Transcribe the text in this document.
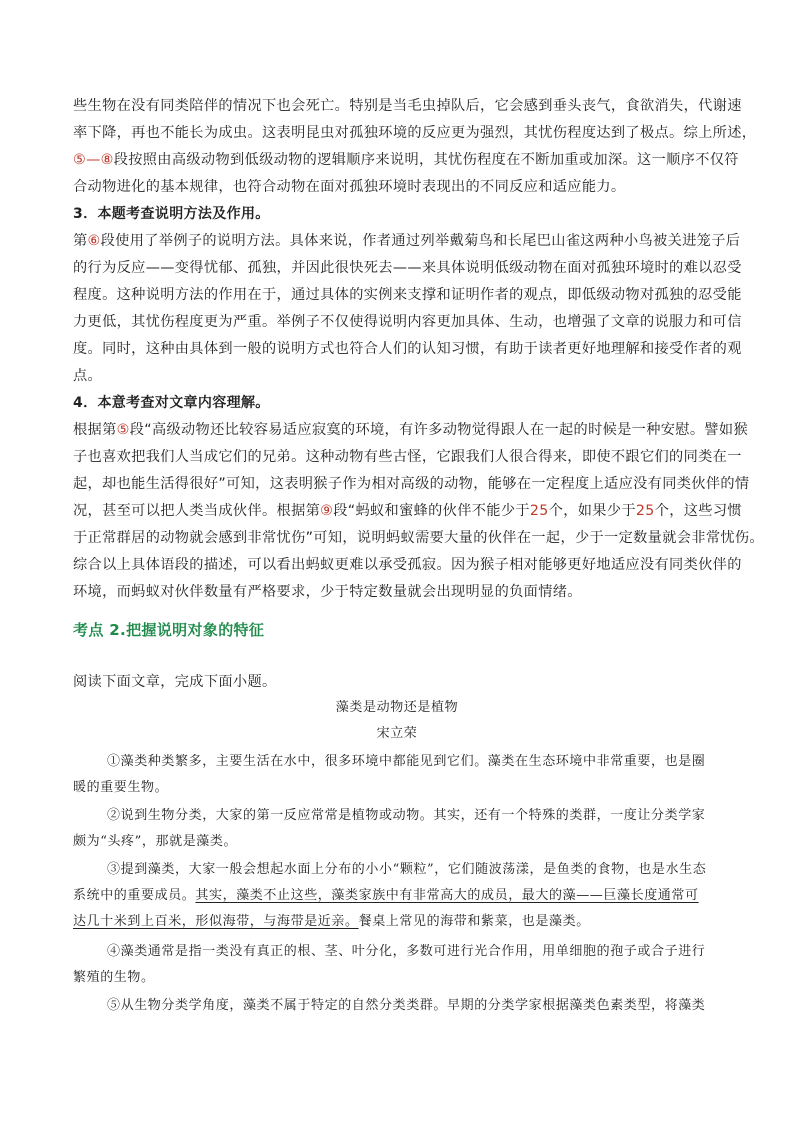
些生物在没有同类陪伴的情况下也会死亡。特别是当毛虫掉队后，它会感到垂头丧气，食欲消失，代谢速
率下降，再也不能长为成虫。这表明昆虫对孤独环境的反应更为强烈，其忧伤程度达到了极点。综上所述，
⑤—⑧段按照由高级动物到低级动物的逻辑顺序来说明，其忧伤程度在不断加重或加深。这一顺序不仅符
合动物进化的基本规律，也符合动物在面对孤独环境时表现出的不同反应和适应能力。
3．本题考查说明方法及作用。
第⑥段使用了举例子的说明方法。具体来说，作者通过列举戴菊鸟和长尾巴山雀这两种小鸟被关进笼子后
的行为反应——变得忧郁、孤独，并因此很快死去——来具体说明低级动物在面对孤独环境时的难以忍受
程度。这种说明方法的作用在于，通过具体的实例来支撑和证明作者的观点，即低级动物对孤独的忍受能
力更低，其忧伤程度更为严重。举例子不仅使得说明内容更加具体、生动，也增强了文章的说服力和可信
度。同时，这种由具体到一般的说明方式也符合人们的认知习惯，有助于读者更好地理解和接受作者的观
点。
4．本意考查对文章内容理解。
根据第⑤段“高级动物还比较容易适应寂寞的环境，有许多动物觉得跟人在一起的时候是一种安慰。譬如猴
子也喜欢把我们人当成它们的兄弟。这种动物有些古怪，它跟我们人很合得来，即使不跟它们的同类在一
起，却也能生活得很好”可知，这表明猴子作为相对高级的动物，能够在一定程度上适应没有同类伙伴的情
况，甚至可以把人类当成伙伴。根据第⑨段“蚂蚁和蜜蜂的伙伴不能少于25个，如果少于25个，这些习惯
于正常群居的动物就会感到非常忧伤”可知，说明蚂蚁需要大量的伙伴在一起，少于一定数量就会非常忧伤。
综合以上具体语段的描述，可以看出蚂蚁更难以承受孤寂。因为猴子相对能够更好地适应没有同类伙伴的
环境，而蚂蚁对伙伴数量有严格要求，少于特定数量就会出现明显的负面情绪。
考点 2.把握说明对象的特征
阅读下面文章，完成下面小题。
藻类是动物还是植物
宋立荣
①藻类种类繁多，主要生活在水中，很多环境中都能见到它们。藻类在生态环境中非常重要，也是圈
暖的重要生物。
②说到生物分类，大家的第一反应常常是植物或动物。其实，还有一个特殊的类群，一度让分类学家
颇为“头疼”，那就是藻类。
③提到藻类，大家一般会想起水面上分布的小小“颗粒”，它们随波荡漾，是鱼类的食物，也是水生态
系统中的重要成员。其实，藻类不止这些，藻类家族中有非常高大的成员，最大的藻——巨藻长度通常可
达几十米到上百米，形似海带，与海带是近亲。餐桌上常见的海带和紫菜，也是藻类。
④藻类通常是指一类没有真正的根、茎、叶分化，多数可进行光合作用，用单细胞的孢子或合子进行
繁殖的生物。
⑤从生物分类学角度，藻类不属于特定的自然分类类群。早期的分类学家根据藻类色素类型，将藻类
